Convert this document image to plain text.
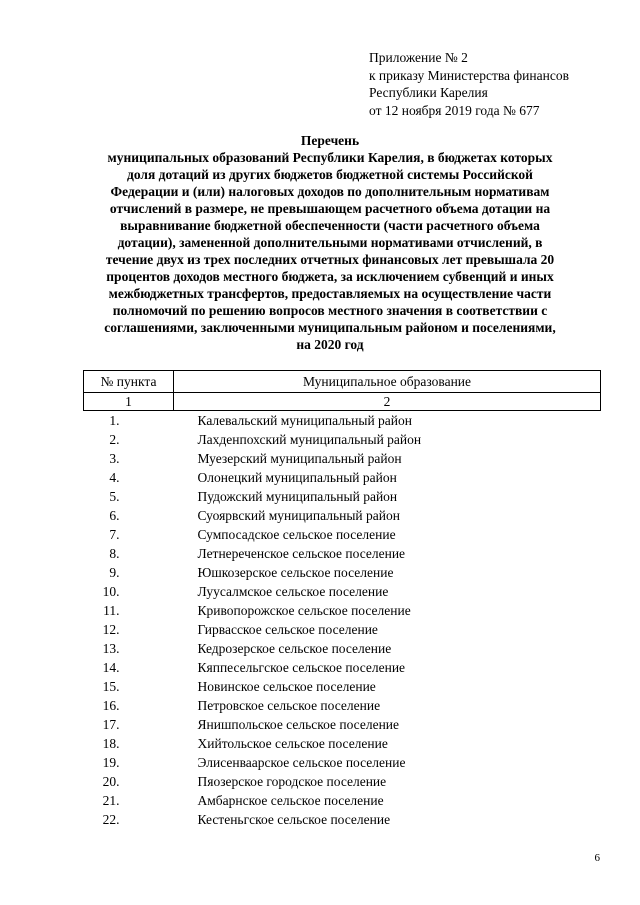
Приложение № 2
к приказу Министерства финансов
Республики Карелия
от 12 ноября 2019 года № 677
Перечень
муниципальных образований Республики Карелия, в бюджетах которых
доля дотаций из других бюджетов бюджетной системы Российской
Федерации и (или) налоговых доходов по дополнительным нормативам
отчислений в размере, не превышающем расчетного объема дотации на
выравнивание бюджетной обеспеченности (части расчетного объема
дотации), замененной дополнительными нормативами отчислений, в
течение двух из трех последних отчетных финансовых лет превышала 20
процентов доходов местного бюджета, за исключением субвенций и иных
межбюджетных трансфертов, предоставляемых на осуществление части
полномочий по решению вопросов местного значения в соответствии с
соглашениями, заключенными муниципальным районом и поселениями,
на 2020 год
№ пункта	Муниципальное образование
1	2
1.	Калевальский муниципальный район
2.	Лахденпохский муниципальный район
3.	Муезерский муниципальный район
4.	Олонецкий муниципальный район
5.	Пудожский муниципальный район
6.	Суоярвский муниципальный район
7.	Сумпосадское сельское поселение
8.	Летнереченское сельское поселение
9.	Юшкозерское сельское поселение
10.	Луусалмское сельское поселение
11.	Кривопорожское сельское поселение
12.	Гирвасское сельское поселение
13.	Кедрозерское сельское поселение
14.	Кяппесельгское сельское поселение
15.	Новинское сельское поселение
16.	Петровское сельское поселение
17.	Янишпольское сельское поселение
18.	Хийтольское сельское поселение
19.	Элисенваарское сельское поселение
20.	Пяозерское городское поселение
21.	Амбарнское сельское поселение
22.	Кестеньгское сельское поселение
6
